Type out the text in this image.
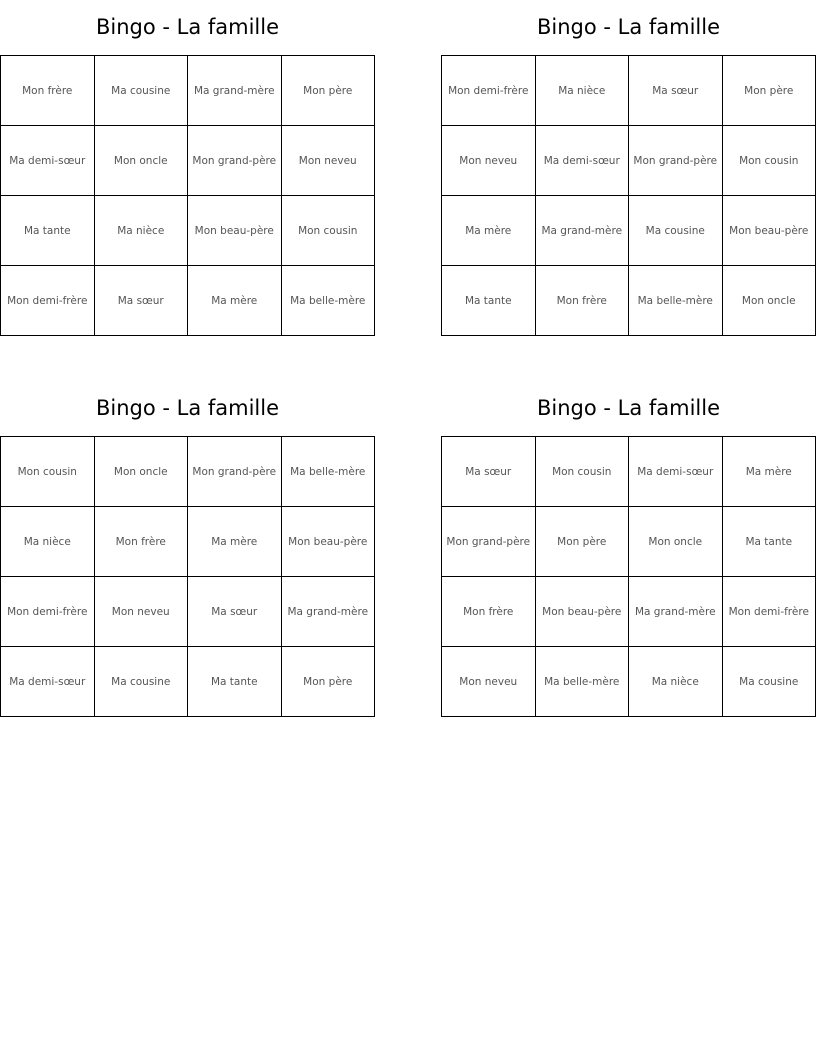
Bingo - La famille
Mon frère	Ma cousine	Ma grand-mère	Mon père
Ma demi-sœur	Mon oncle	Mon grand-père	Mon neveu
Ma tante	Ma nièce	Mon beau-père	Mon cousin
Mon demi-frère	Ma sœur	Ma mère	Ma belle-mère
Bingo - La famille
Mon demi-frère	Ma nièce	Ma sœur	Mon père
Mon neveu	Ma demi-sœur	Mon grand-père	Mon cousin
Ma mère	Ma grand-mère	Ma cousine	Mon beau-père
Ma tante	Mon frère	Ma belle-mère	Mon oncle
Bingo - La famille
Mon cousin	Mon oncle	Mon grand-père	Ma belle-mère
Ma nièce	Mon frère	Ma mère	Mon beau-père
Mon demi-frère	Mon neveu	Ma sœur	Ma grand-mère
Ma demi-sœur	Ma cousine	Ma tante	Mon père
Bingo - La famille
Ma sœur	Mon cousin	Ma demi-sœur	Ma mère
Mon grand-père	Mon père	Mon oncle	Ma tante
Mon frère	Mon beau-père	Ma grand-mère	Mon demi-frère
Mon neveu	Ma belle-mère	Ma nièce	Ma cousine
